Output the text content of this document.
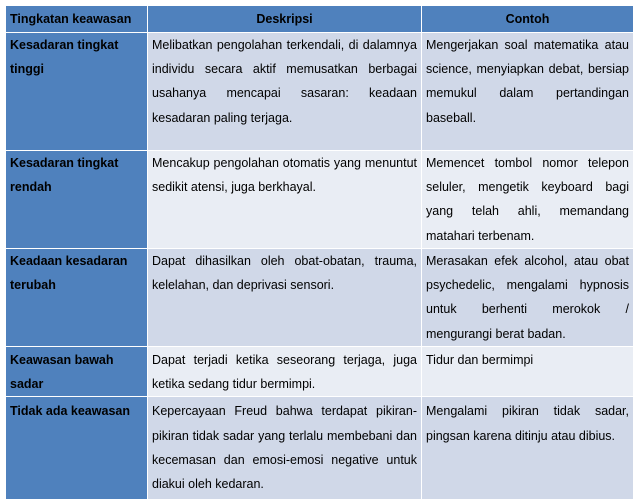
Tingkatan keawasan	Deskripsi	Contoh
Kesadaran tingkat tinggi	Melibatkan pengolahan terkendali, di dalamnya individu secara aktif memusatkan berbagai usahanya mencapai sasaran: keadaan kesadaran paling terjaga.	Mengerjakan soal matematika atau science, menyiapkan debat, bersiap memukul dalam pertandingan baseball.
Kesadaran tingkat rendah	Mencakup pengolahan otomatis yang menuntut sedikit atensi, juga berkhayal.	Memencet tombol nomor telepon seluler, mengetik keyboard bagi yang telah ahli, memandang matahari terbenam.
Keadaan kesadaran terubah	Dapat dihasilkan oleh obat-obatan, trauma, kelelahan, dan deprivasi sensori.	Merasakan efek alcohol, atau obat psychedelic, mengalami hypnosis untuk berhenti merokok / mengurangi berat badan.
Keawasan bawah sadar	Dapat terjadi ketika seseorang terjaga, juga ketika sedang tidur bermimpi.	Tidur dan bermimpi
Tidak ada keawasan	Kepercayaan Freud bahwa terdapat pikiran-pikiran tidak sadar yang terlalu membebani dan kecemasan dan emosi-emosi negative untuk diakui oleh kedaran.	Mengalami pikiran tidak sadar, pingsan karena ditinju atau dibius.
